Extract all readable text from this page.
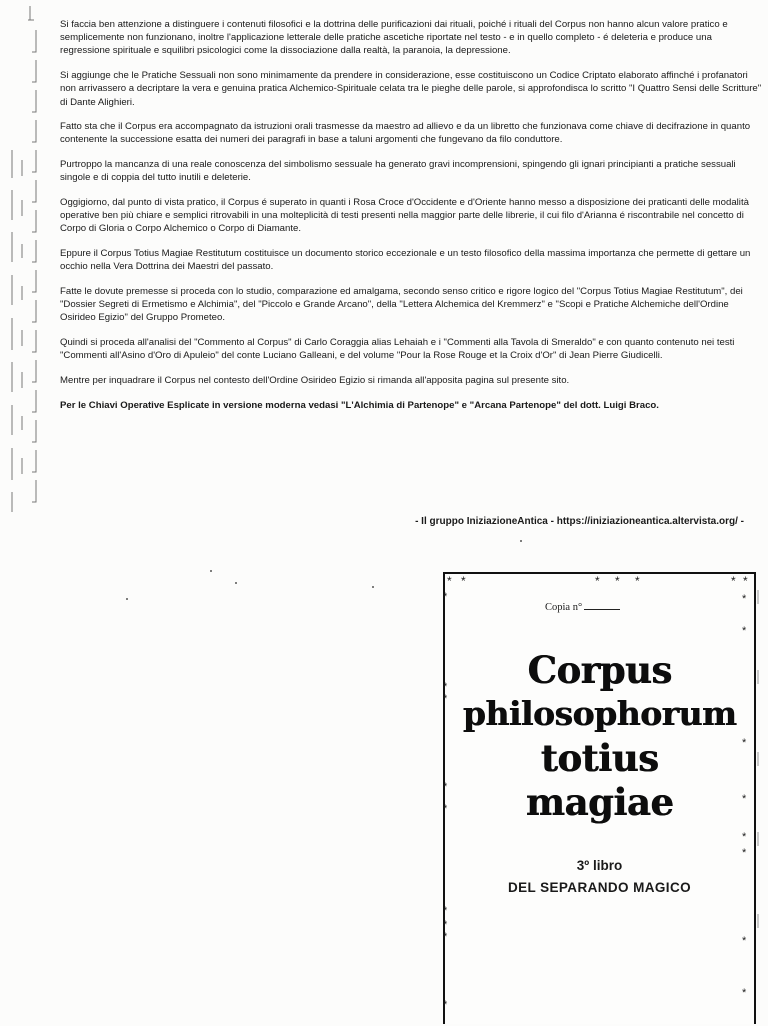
Si faccia ben attenzione a distinguere i contenuti filosofici e la dottrina delle purificazioni dai rituali, poiché i rituali del Corpus non hanno alcun valore pratico e semplicemente non funzionano, inoltre l'applicazione letterale delle pratiche ascetiche riportate nel testo - e in quello completo - é deleteria e produce una regressione spirituale e squilibri psicologici come la dissociazione dalla realtà, la paranoia, la depressione.

Si aggiunge che le Pratiche Sessuali non sono minimamente da prendere in considerazione, esse costituiscono un Codice Criptato elaborato affinché i profanatori non arrivassero a decriptare la vera e genuina pratica Alchemico-Spirituale celata tra le pieghe delle parole, si approfondisca lo scritto "I Quattro Sensi delle Scritture" di Dante Alighieri.

Fatto sta che il Corpus era accompagnato da istruzioni orali trasmesse da maestro ad allievo e da un libretto che funzionava come chiave di decifrazione in quanto contenente la successione esatta dei numeri dei paragrafi in base a taluni argomenti che fungevano da filo conduttore.

Purtroppo la mancanza di una reale conoscenza del simbolismo sessuale ha generato gravi incomprensioni, spingendo gli ignari principianti a pratiche sessuali singole e di coppia del tutto inutili e deleterie.

Oggigiorno, dal punto di vista pratico, il Corpus é superato in quanti i Rosa Croce d'Occidente e d'Oriente hanno messo a disposizione dei praticanti delle modalità operative ben più chiare e semplici ritrovabili in una molteplicità di testi presenti nella maggior parte delle librerie, il cui filo d'Arianna é riscontrabile nel concetto di Corpo di Gloria o Corpo Alchemico o Corpo di Diamante.

Eppure il Corpus Totius Magiae Restitutum costituisce un documento storico eccezionale e un testo filosofico della massima importanza che permette di gettare un occhio nella Vera Dottrina dei Maestri del passato.

Fatte le dovute premesse si proceda con lo studio, comparazione ed amalgama, secondo senso critico e rigore logico del "Corpus Totius Magiae Restitutum", dei "Dossier Segreti di Ermetismo e Alchimia", del "Piccolo e Grande Arcano", della "Lettera Alchemica del Kremmerz" e "Scopi e Pratiche Alchemiche dell'Ordine Osirideo Egizio" del Gruppo Prometeo.

Quindi si proceda all'analisi del "Commento al Corpus" di Carlo Coraggia alias Lehaiah e i "Commenti alla Tavola di Smeraldo" e con quanto contenuto nei testi "Commenti all'Asino d'Oro di Apuleio" del conte Luciano Galleani, e del volume "Pour la Rose Rouge et la Croix d'Or" di Jean Pierre Giudicelli.

Mentre per inquadrare il Corpus nel contesto dell'Ordine Osirideo Egizio si rimanda all'apposita pagina sul presente sito.

Per le Chiavi Operative Esplicate in versione moderna vedasi "L'Alchimia di Partenope" e "Arcana Partenope" del dott. Luigi Braco.

- Il gruppo IniziazioneAntica - https://iniziazioneantica.altervista.org/ -
* *	* * *	* *
*
*
*
*
*
*
*
*
*
*
*
*
*
*
*
*
*
Copia n°
Corpus
philosophorum
totius
magiae
3º libro
DEL SEPARANDO MAGICO
